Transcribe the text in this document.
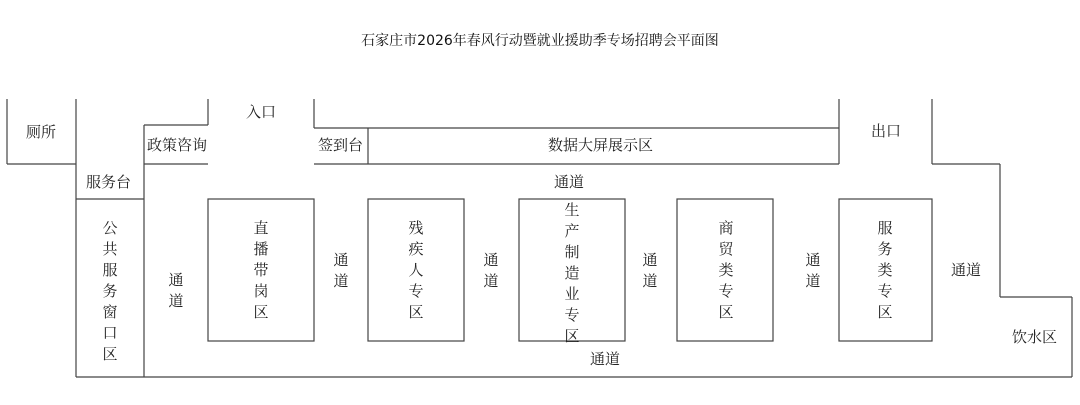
石家庄市2026年春风行动暨就业援助季专场招聘会平面图
厕所
入口
出口
政策咨询	签到台	数据大屏展示区
服务台	通道
通道
通道
饮水区
公共服务窗口区
通道
通道
通道
通道
通道
直播带岗区
残疾人专区
生产制造业专区
商贸类专区
服务类专区
